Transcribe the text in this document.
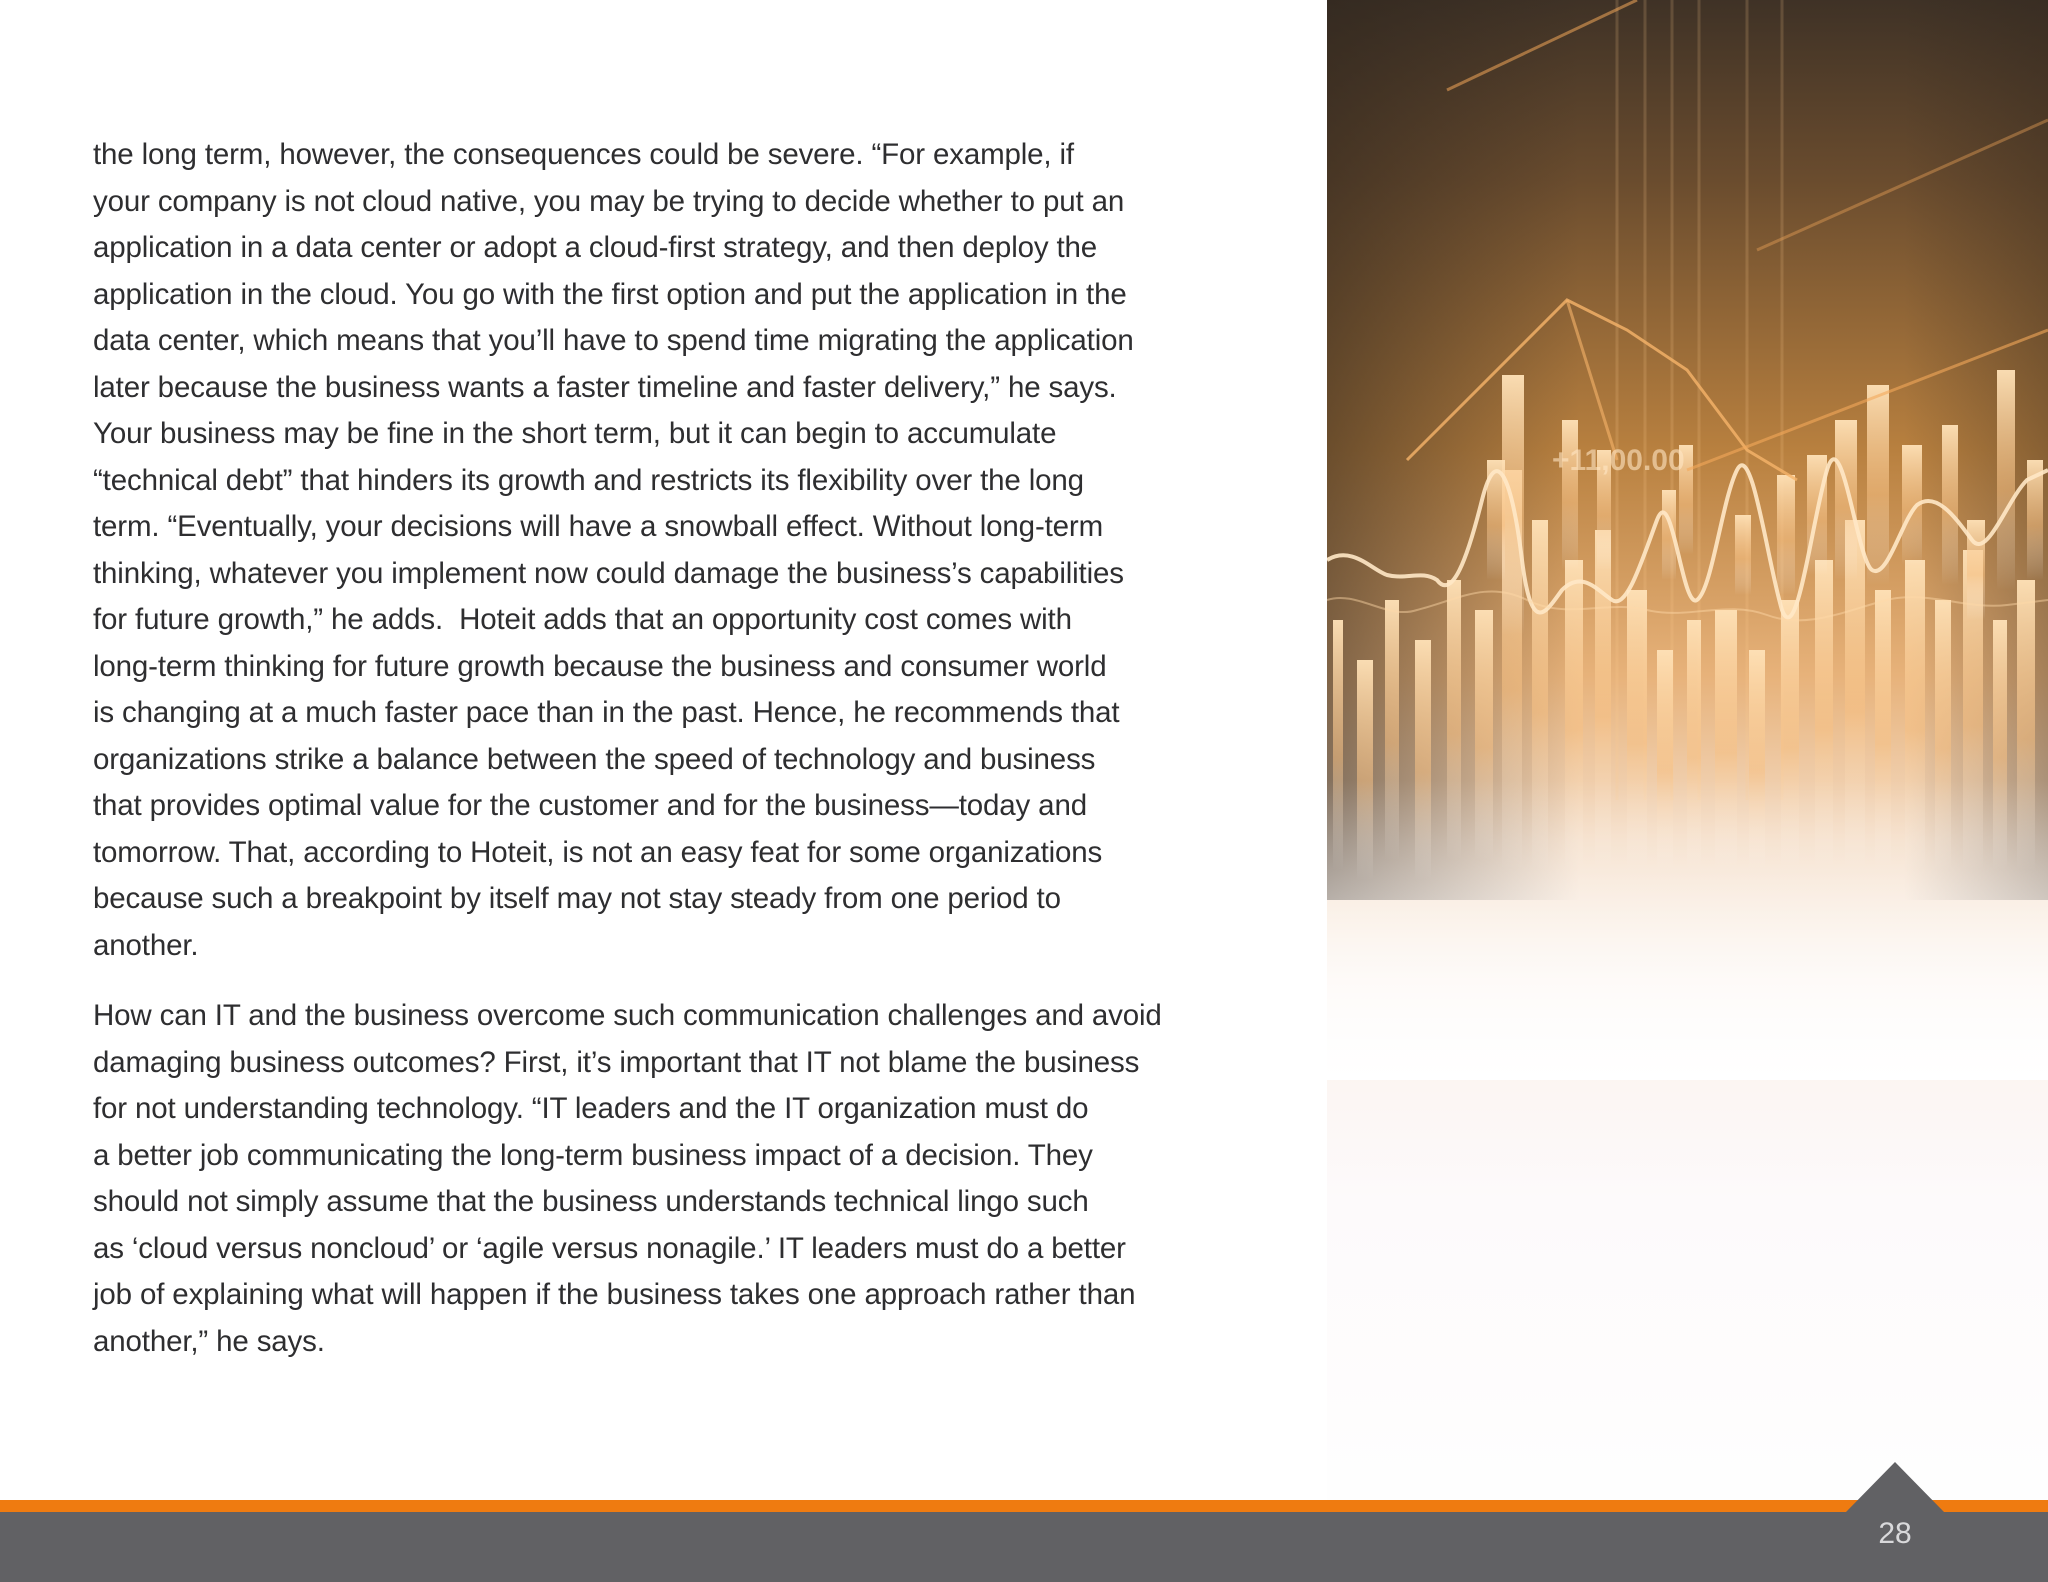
+11,00.00

the long term, however, the consequences could be severe. “For example, if
your company is not cloud native, you may be trying to decide whether to put an
application in a data center or adopt a cloud-first strategy, and then deploy the
application in the cloud. You go with the first option and put the application in the
data center, which means that you’ll have to spend time migrating the application
later because the business wants a faster timeline and faster delivery,” he says.
Your business may be fine in the short term, but it can begin to accumulate
“technical debt” that hinders its growth and restricts its flexibility over the long
term. “Eventually, your decisions will have a snowball effect. Without long-term
thinking, whatever you implement now could damage the business’s capabilities
for future growth,” he adds.  Hoteit adds that an opportunity cost comes with
long-term thinking for future growth because the business and consumer world
is changing at a much faster pace than in the past. Hence, he recommends that
organizations strike a balance between the speed of technology and business
that provides optimal value for the customer and for the business—today and
tomorrow. That, according to Hoteit, is not an easy feat for some organizations
because such a breakpoint by itself may not stay steady from one period to
another.

How can IT and the business overcome such communication challenges and avoid
damaging business outcomes? First, it’s important that IT not blame the business
for not understanding technology. “IT leaders and the IT organization must do
a better job communicating the long-term business impact of a decision. They
should not simply assume that the business understands technical lingo such
as ‘cloud versus noncloud’ or ‘agile versus nonagile.’ IT leaders must do a better
job of explaining what will happen if the business takes one approach rather than
another,” he says.

28
